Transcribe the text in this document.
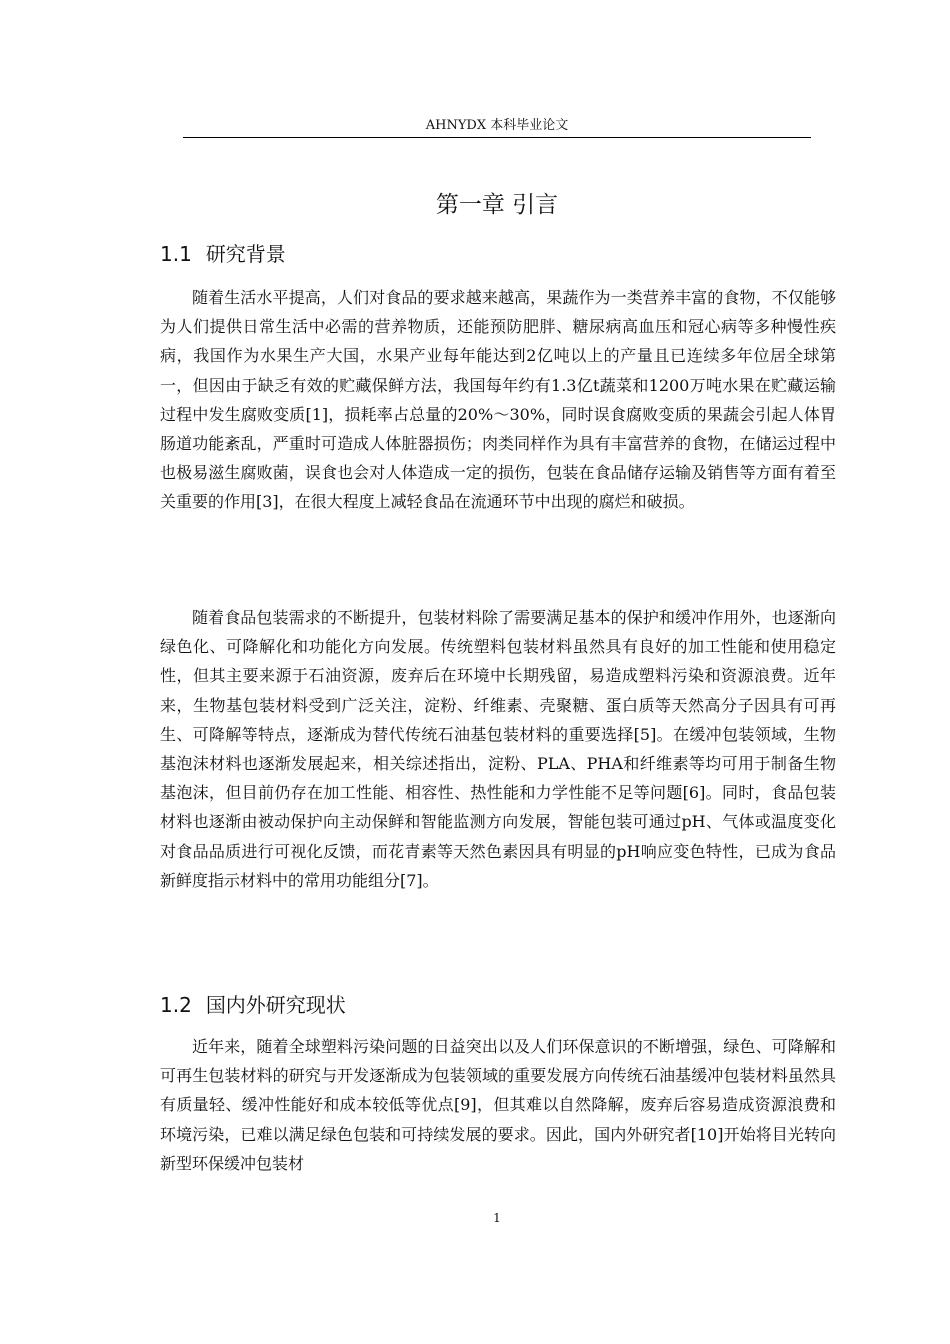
AHNYDX 本科毕业论文
第一章 引言
1.1 研究背景

随着生活水平提高，人们对食品的要求越来越高，果蔬作为一类营养丰富的食物，不仅能够为人们提供日常生活中必需的营养物质，还能预防肥胖、糖尿病高血压和冠心病等多种慢性疾病，我国作为水果生产大国，水果产业每年能达到2亿吨以上的产量且已连续多年位居全球第一，但因由于缺乏有效的贮藏保鲜方法，我国每年约有1.3亿t蔬菜和1200万吨水果在贮藏运输过程中发生腐败变质[1]，损耗率占总量的20%～30%，同时误食腐败变质的果蔬会引起人体胃肠道功能紊乱，严重时可造成人体脏器损伤；肉类同样作为具有丰富营养的食物，在储运过程中也极易滋生腐败菌，误食也会对人体造成一定的损伤，包装在食品储存运输及销售等方面有着至关重要的作用[3]，在很大程度上减轻食品在流通环节中出现的腐烂和破损。

随着食品包装需求的不断提升，包装材料除了需要满足基本的保护和缓冲作用外，也逐渐向绿色化、可降解化和功能化方向发展。传统塑料包装材料虽然具有良好的加工性能和使用稳定性，但其主要来源于石油资源，废弃后在环境中长期残留，易造成塑料污染和资源浪费。近年来，生物基包装材料受到广泛关注，淀粉、纤维素、壳聚糖、蛋白质等天然高分子因具有可再生、可降解等特点，逐渐成为替代传统石油基包装材料的重要选择[5]。在缓冲包装领域，生物基泡沫材料也逐渐发展起来，相关综述指出，淀粉、PLA、PHA和纤维素等均可用于制备生物基泡沫，但目前仍存在加工性能、相容性、热性能和力学性能不足等问题[6]。同时，食品包装材料也逐渐由被动保护向主动保鲜和智能监测方向发展，智能包装可通过pH、气体或温度变化对食品品质进行可视化反馈，而花青素等天然色素因具有明显的pH响应变色特性，已成为食品新鲜度指示材料中的常用功能组分[7]。

1.2 国内外研究现状

近年来，随着全球塑料污染问题的日益突出以及人们环保意识的不断增强，绿色、可降解和可再生包装材料的研究与开发逐渐成为包装领域的重要发展方向传统石油基缓冲包装材料虽然具有质量轻、缓冲性能好和成本较低等优点[9]，但其难以自然降解，废弃后容易造成资源浪费和环境污染，已难以满足绿色包装和可持续发展的要求。因此，国内外研究者[10]开始将目光转向新型环保缓冲包装材

1
